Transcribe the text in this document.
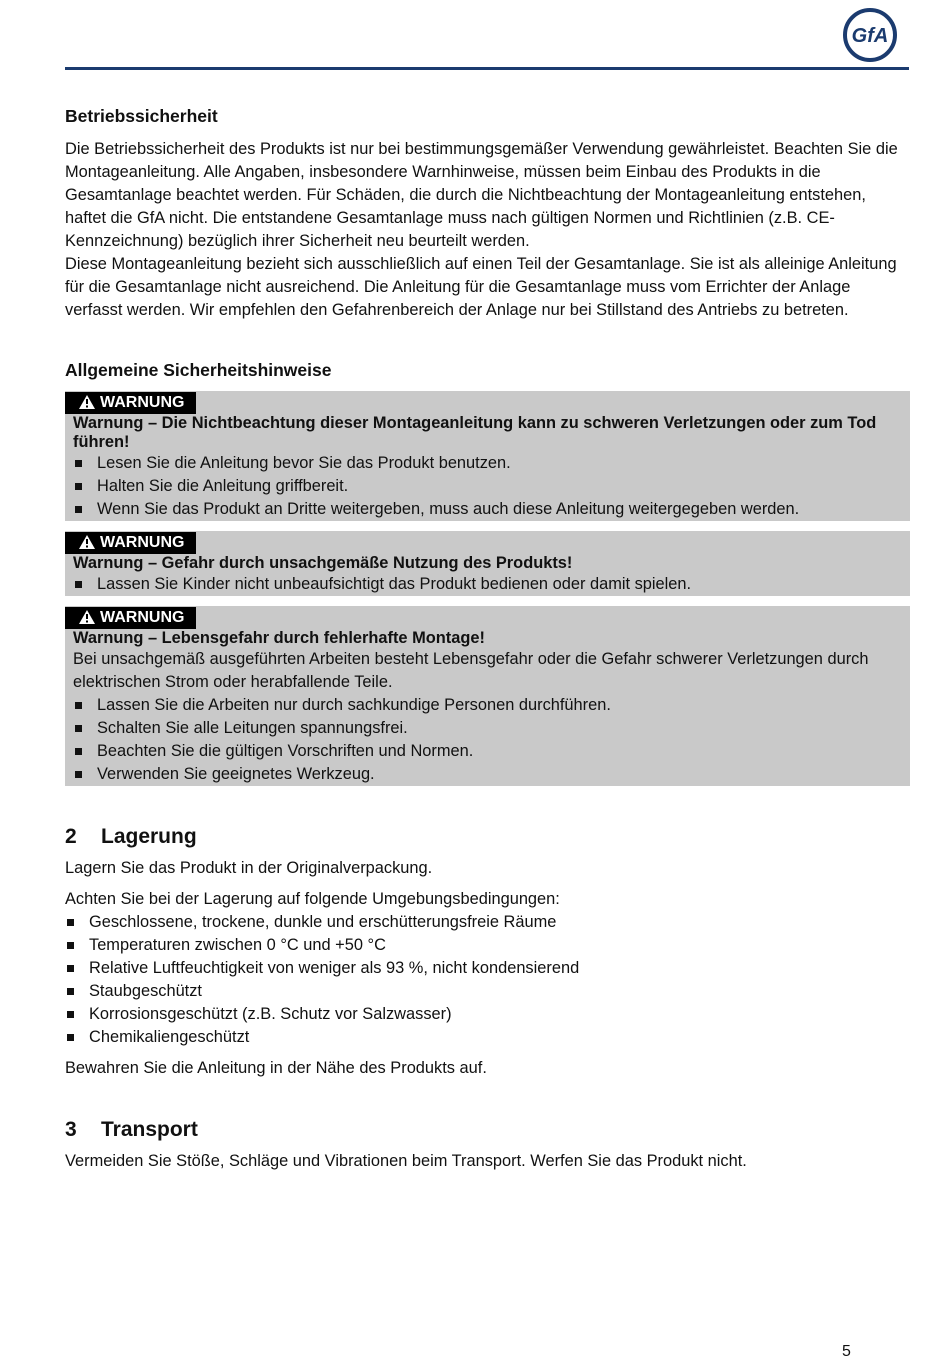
GfA
Betriebssicherheit

Die Betriebssicherheit des Produkts ist nur bei bestimmungsgemäßer Verwendung gewährleistet. Beachten Sie die Montageanleitung. Alle Angaben, insbesondere Warnhinweise, müssen beim Einbau des Produkts in die Gesamtanlage beachtet werden. Für Schäden, die durch die Nichtbeachtung der Montageanleitung entstehen, haftet die GfA nicht. Die entstandene Gesamtanlage muss nach gültigen Normen und Richtlinien (z.B. CE-Kennzeichnung) bezüglich ihrer Sicherheit neu beurteilt werden.

Diese Montageanleitung bezieht sich ausschließlich auf einen Teil der Gesamtanlage. Sie ist als alleinige Anleitung für die Gesamtanlage nicht ausreichend. Die Anleitung für die Gesamtanlage muss vom Errichter der Anlage verfasst werden. Wir empfehlen den Gefahrenbereich der Anlage nur bei Stillstand des Antriebs zu betreten.

Allgemeine Sicherheitshinweise
WARNUNG
Warnung – Die Nichtbeachtung dieser Montageanleitung kann zu schweren Verletzungen oder zum Tod führen!
Lesen Sie die Anleitung bevor Sie das Produkt benutzen.
Halten Sie die Anleitung griffbereit.
Wenn Sie das Produkt an Dritte weitergeben, muss auch diese Anleitung weitergegeben werden.
WARNUNG
Warnung – Gefahr durch unsachgemäße Nutzung des Produkts!
Lassen Sie Kinder nicht unbeaufsichtigt das Produkt bedienen oder damit spielen.
WARNUNG
Warnung – Lebensgefahr durch fehlerhafte Montage!

Bei unsachgemäß ausgeführten Arbeiten besteht Lebensgefahr oder die Gefahr schwerer Verletzungen durch elektrischen Strom oder herabfallende Teile.

Lassen Sie die Arbeiten nur durch sachkundige Personen durchführen.
Schalten Sie alle Leitungen spannungsfrei.
Beachten Sie die gültigen Vorschriften und Normen.
Verwenden Sie geeignetes Werkzeug.
2 Lagerung

Lagern Sie das Produkt in der Originalverpackung.

Achten Sie bei der Lagerung auf folgende Umgebungsbedingungen:

Geschlossene, trockene, dunkle und erschütterungsfreie Räume
Temperaturen zwischen 0 °C und +50 °C
Relative Luftfeuchtigkeit von weniger als 93 %, nicht kondensierend
Staubgeschützt
Korrosionsgeschützt (z.B. Schutz vor Salzwasser)
Chemikaliengeschützt

Bewahren Sie die Anleitung in der Nähe des Produkts auf.

3 Transport

Vermeiden Sie Stöße, Schläge und Vibrationen beim Transport. Werfen Sie das Produkt nicht.

5
